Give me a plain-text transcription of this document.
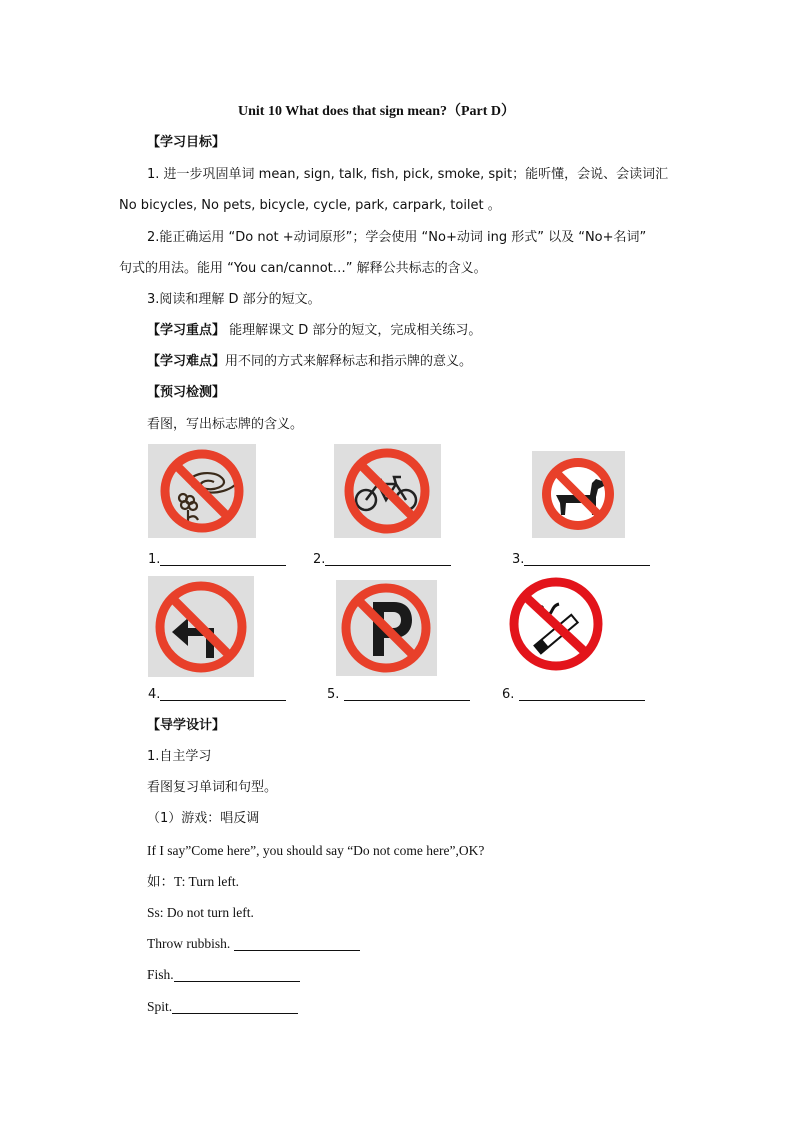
Unit 10 What does that sign mean?（Part D）
【学习目标】
1. 进一步巩固单词 mean, sign, talk, fish, pick, smoke, spit；能听懂，会说、会读词汇
No bicycles, No pets, bicycle, cycle, park, carpark, toilet 。
2.能正确运用 “Do not +动词原形”；学会使用 “No+动词 ing 形式” 以及 “No+名词”
句式的用法。能用 “You can/cannot…” 解释公共标志的含义。
3.阅读和理解 D 部分的短文。
【学习重点】 能理解课文 D 部分的短文，完成相关练习。
【学习难点】用不同的方式来解释标志和指示牌的意义。
【预习检测】
看图，写出标志牌的含义。
1.	2.	3.
4.	5.	6.
【导学设计】
1.自主学习
看图复习单词和句型。
（1）游戏：唱反调
If I say”Come here”, you should say “Do not come here”,OK?
如：T: Turn left.
Ss: Do not turn left.
Throw rubbish.
Fish.
Spit.
